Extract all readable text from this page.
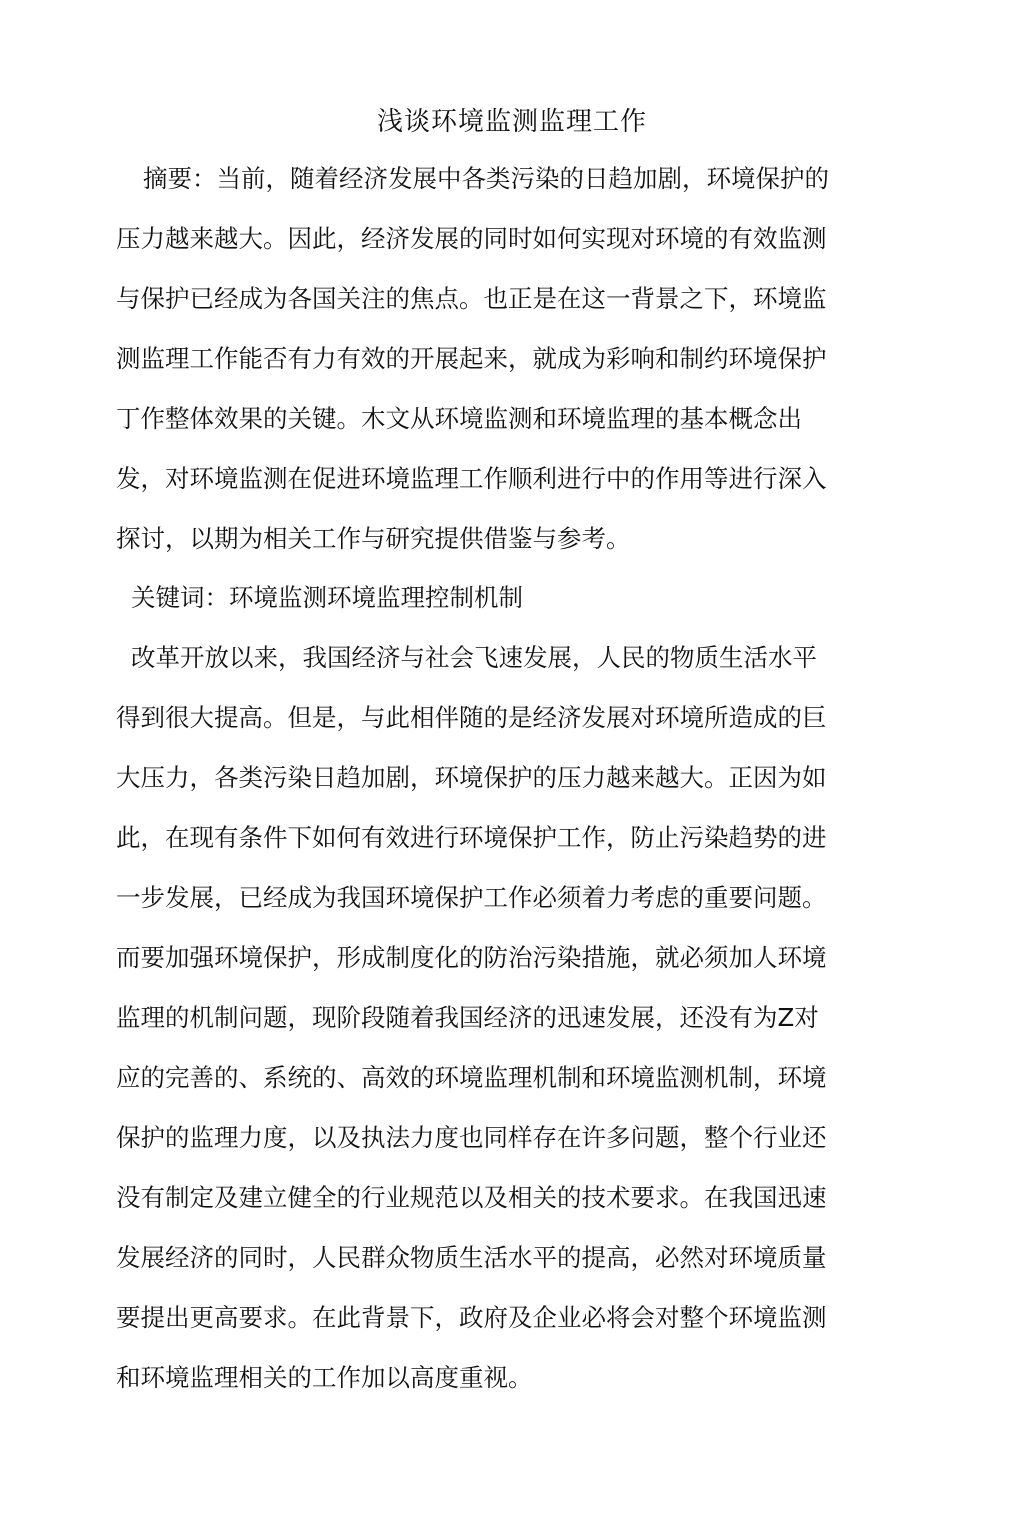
浅谈环境监测监理工作
摘要：当前，随着经济发展中各类污染的日趋加剧，环境保护的
压力越来越大。因此，经济发展的同时如何实现对环境的有效监测
与保护已经成为各国关注的焦点。也正是在这一背景之下，环境监
测监理工作能否有力有效的开展起来，就成为彩响和制约环境保护
丁作整体效果的关键。木文从环境监测和环境监理的基本概念出
发，对环境监测在促进环境监理工作顺利进行中的作用等进行深入
探讨，以期为相关工作与研究提供借鉴与参考。
关键词：环境监测环境监理控制机制
改革开放以来，我国经济与社会飞速发展，人民的物质生活水平
得到很大提高。但是，与此相伴随的是经济发展对环境所造成的巨
大压力，各类污染日趋加剧，环境保护的压力越来越大。正因为如
此，在现有条件下如何有效进行环境保护工作，防止污染趋势的进
一步发展，已经成为我国环境保护工作必须着力考虑的重要问题。
而要加强环境保护，形成制度化的防治污染措施，就必须加人环境
监理的机制问题，现阶段随着我国经济的迅速发展，还没有为Z对
应的完善的、系统的、高效的环境监理机制和环境监测机制，环境
保护的监理力度，以及执法力度也同样存在许多问题，整个行业还
没有制定及建立健全的行业规范以及相关的技术要求。在我国迅速
发展经济的同时，人民群众物质生活水平的提高，必然对环境质量
要提出更高要求。在此背景下，政府及企业必将会对整个环境监测
和环境监理相关的工作加以高度重视。
